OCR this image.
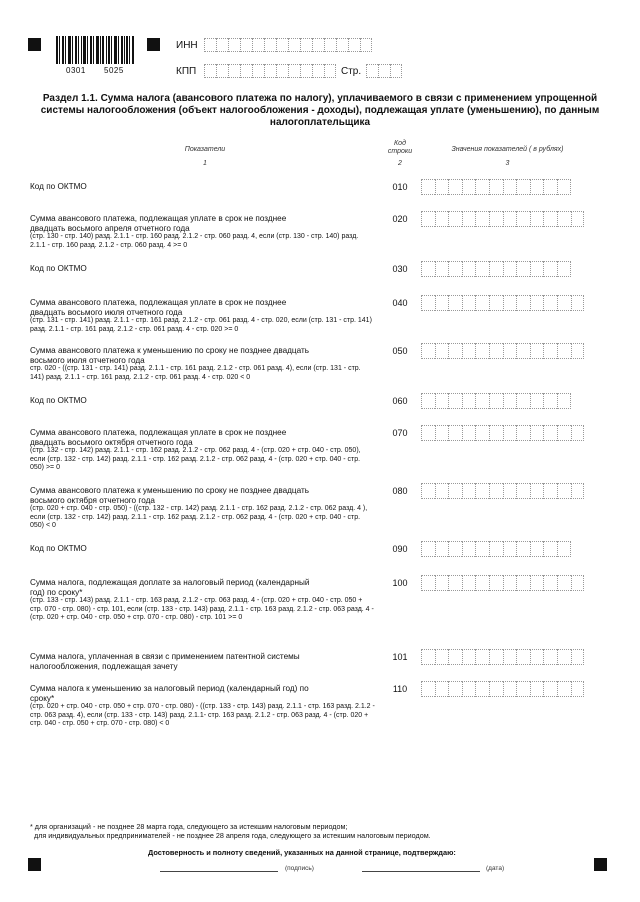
0301 5025
ИНН
КПП	Стр.
Раздел 1.1. Сумма налога (авансового платежа по налогу), уплачиваемого в связи с применением упрощенной системы налогообложения (объект налогообложения - доходы), подлежащая уплате (уменьшению), по данным налогоплательщика
Показатели
1
Код строки
2
Значения показателей ( в рублях)
3
Код по ОКТМО	010
Сумма авансового платежа, подлежащая уплате в срок не позднее двадцать восьмого апреля отчетного года
(стр. 130 - стр. 140) разд. 2.1.1 - стр. 160 разд. 2.1.2 - стр. 060 разд. 4, если (стр. 130 - стр. 140) разд. 2.1.1 - стр. 160 разд. 2.1.2 - стр. 060 разд. 4 >= 0
020
Код по ОКТМО	030
Сумма авансового платежа, подлежащая уплате в срок не позднее двадцать восьмого июля отчетного года
(стр. 131 - стр. 141) разд. 2.1.1 - стр. 161 разд. 2.1.2 - стр. 061 разд. 4 - стр. 020, если (стр. 131 - стр. 141) разд. 2.1.1 - стр. 161 разд. 2.1.2 - стр. 061 разд. 4 - стр. 020 >= 0
040
Сумма авансового платежа к уменьшению по сроку не позднее двадцать восьмого июля отчетного года
стр. 020 - ((стр. 131 - стр. 141) разд. 2.1.1 - стр. 161 разд. 2.1.2 - стр. 061 разд. 4), если (стр. 131 - стр. 141) разд. 2.1.1 - стр. 161 разд. 2.1.2 - стр. 061 разд. 4 - стр. 020 < 0
050
Код по ОКТМО	060
Сумма авансового платежа, подлежащая уплате в срок не позднее двадцать восьмого октября отчетного года
(стр. 132 - стр. 142) разд. 2.1.1 - стр. 162 разд. 2.1.2 - стр. 062 разд. 4 - (стр. 020 + стр. 040 - стр. 050), если (стр. 132 - стр. 142) разд. 2.1.1 - стр. 162 разд. 2.1.2 - стр. 062 разд. 4 - (стр. 020 + стр. 040 - стр. 050) >= 0
070
Сумма авансового платежа к уменьшению по сроку не позднее двадцать восьмого октября отчетного года
(стр. 020 + стр. 040 - стр. 050) - ((стр. 132 - стр. 142) разд. 2.1.1 - стр. 162 разд. 2.1.2 - стр. 062 разд. 4 ), если (стр. 132 - стр. 142) разд. 2.1.1 - стр. 162 разд. 2.1.2 - стр. 062 разд. 4 - (стр. 020 + стр. 040 - стр. 050) < 0
080
Код по ОКТМО	090
Сумма налога, подлежащая доплате за налоговый период (календарный год) по сроку*
(стр. 133 - стр. 143) разд. 2.1.1 - стр. 163 разд. 2.1.2 - стр. 063 разд. 4 - (стр. 020 + стр. 040 - стр. 050 + стр. 070 - стр. 080) - стр. 101, если (стр. 133 - стр. 143) разд. 2.1.1 - стр. 163 разд. 2.1.2 - стр. 063 разд. 4 - (стр. 020 + стр. 040 - стр. 050 + стр. 070 - стр. 080) - стр. 101 >= 0
100
Сумма налога, уплаченная в связи с применением патентной системы налогообложения, подлежащая зачету
101
Сумма налога к уменьшению за налоговый период (календарный год) по сроку*
(стр. 020 + стр. 040 - стр. 050 + стр. 070 - стр. 080) - ((стр. 133 - стр. 143) разд. 2.1.1 - стр. 163 разд. 2.1.2 - стр. 063 разд. 4), если (стр. 133 - стр. 143) разд. 2.1.1- стр. 163 разд. 2.1.2 - стр. 063 разд. 4 - (стр. 020 + стр. 040 - стр. 050 + стр. 070 - стр. 080) < 0
110
* для организаций - не позднее 28 марта года, следующего за истекшим налоговым периодом;
для индивидуальных предпринимателей - не позднее 28 апреля года, следующего за истекшим налоговым периодом.
Достоверность и полноту сведений, указанных на данной странице, подтверждаю:
(подпись)	(дата)
